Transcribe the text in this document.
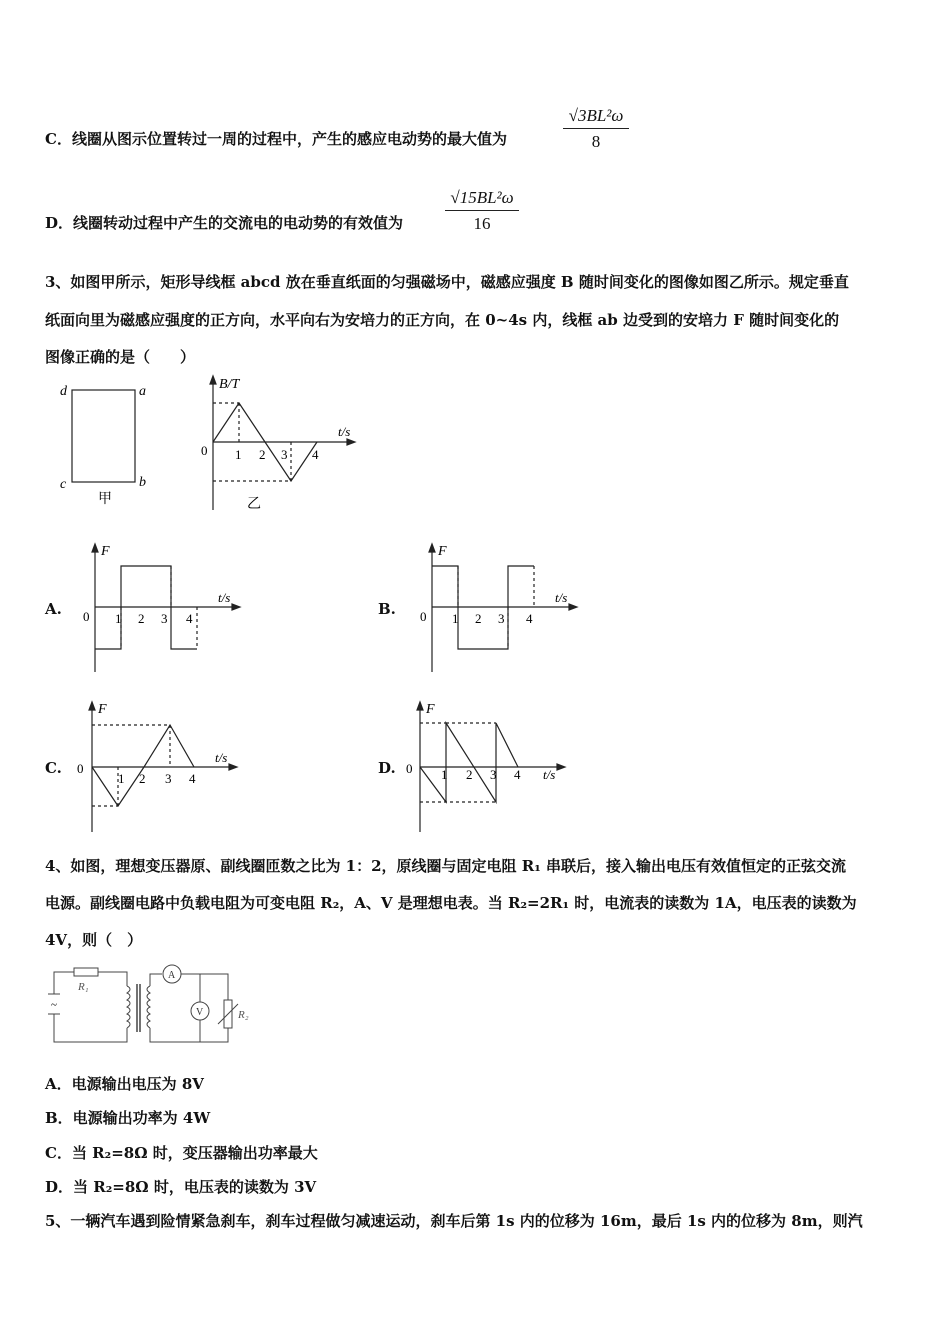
C．线圈从图示位置转过一周的过程中，产生的感应电动势的最大值为	$\frac{\text{√3BL²ω}}{8}$
D．线圈转动过程中产生的交流电的电动势的有效值为 $\frac{\text{√15BL²ω}}{16}$
3、如图甲所示，矩形导线框 abcd 放在垂直纸面的匀强磁场中，磁感应强度 B 随时间变化的图像如图乙所示。规定垂直
纸面向里为磁感应强度的正方向，水平向右为安培力的正方向，在 0~4s 内，线框 ab 边受到的安培力 F 随时间变化的
图像正确的是（　　）
d	a
c	b
甲
B/T
t/s
0 1 2 3 4
乙
A.
F
t/s
0 1 2 3 4
B.
F
t/s
0 1 2 3 4
C.
F
t/s
0
1 2 3 4
D.
F
t/s
0 1 2 3 4
4、如图，理想变压器原、副线圈匝数之比为 1：2，原线圈与固定电阻 R₁ 串联后，接入输出电压有效值恒定的正弦交流
电源。副线圈电路中负载电阻为可变电阻 R₂，A、V 是理想电表。当 R₂=2R₁ 时，电流表的读数为 1A，电压表的读数为
4V，则（　）
~
R₁
A
V	R₂
A．电源输出电压为 8V
B．电源输出功率为 4W
C．当 R₂=8Ω 时，变压器输出功率最大
D．当 R₂=8Ω 时，电压表的读数为 3V
5、一辆汽车遇到险情紧急刹车，刹车过程做匀减速运动，刹车后第 1s 内的位移为 16m，最后 1s 内的位移为 8m，则汽
